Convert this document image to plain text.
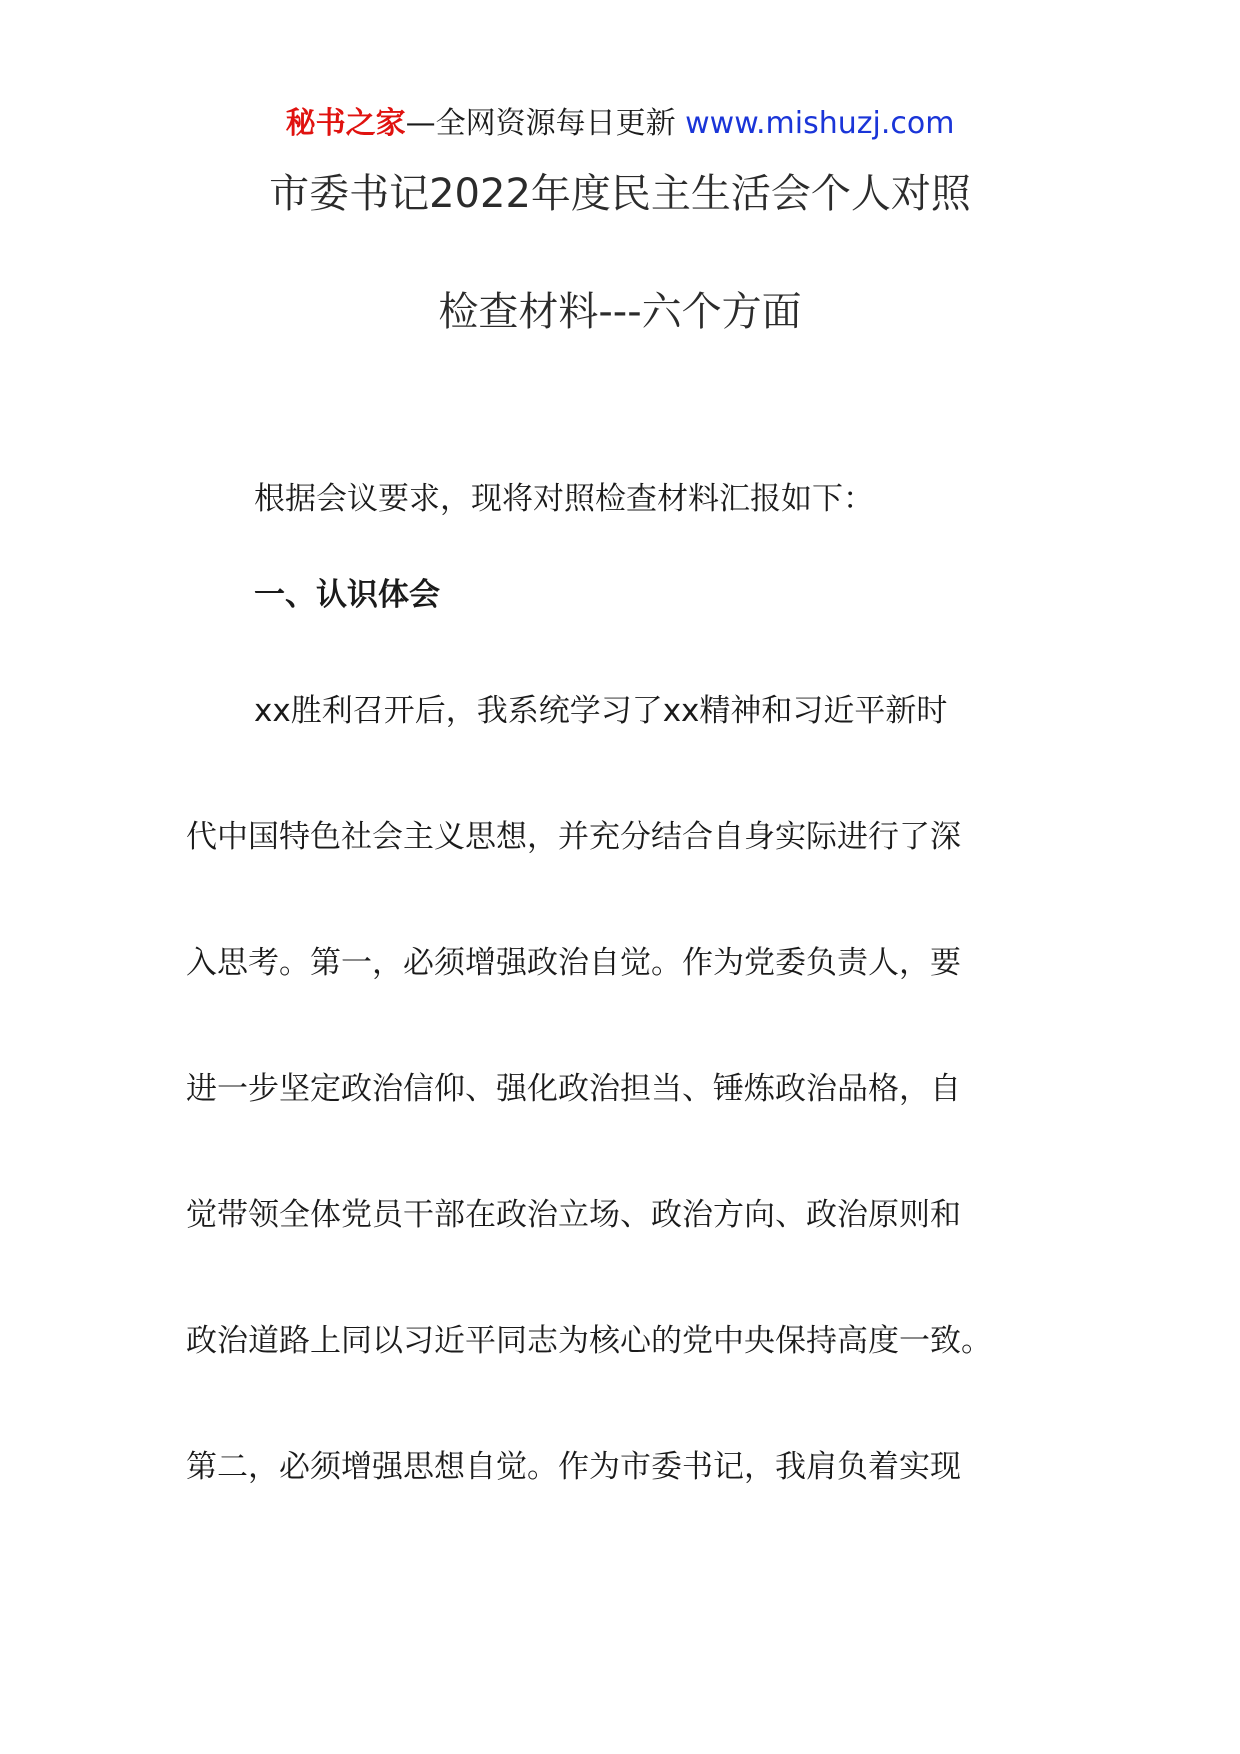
秘书之家—全网资源每日更新 www.mishuzj.com
市委书记2022年度民主生活会个人对照
检查材料---六个方面
根据会议要求，现将对照检查材料汇报如下：
一、认识体会
xx胜利召开后，我系统学习了xx精神和习近平新时
代中国特色社会主义思想，并充分结合自身实际进行了深
入思考。第一，必须增强政治自觉。作为党委负责人，要
进一步坚定政治信仰、强化政治担当、锤炼政治品格，自
觉带领全体党员干部在政治立场、政治方向、政治原则和
政治道路上同以习近平同志为核心的党中央保持高度一致。
第二，必须增强思想自觉。作为市委书记，我肩负着实现
